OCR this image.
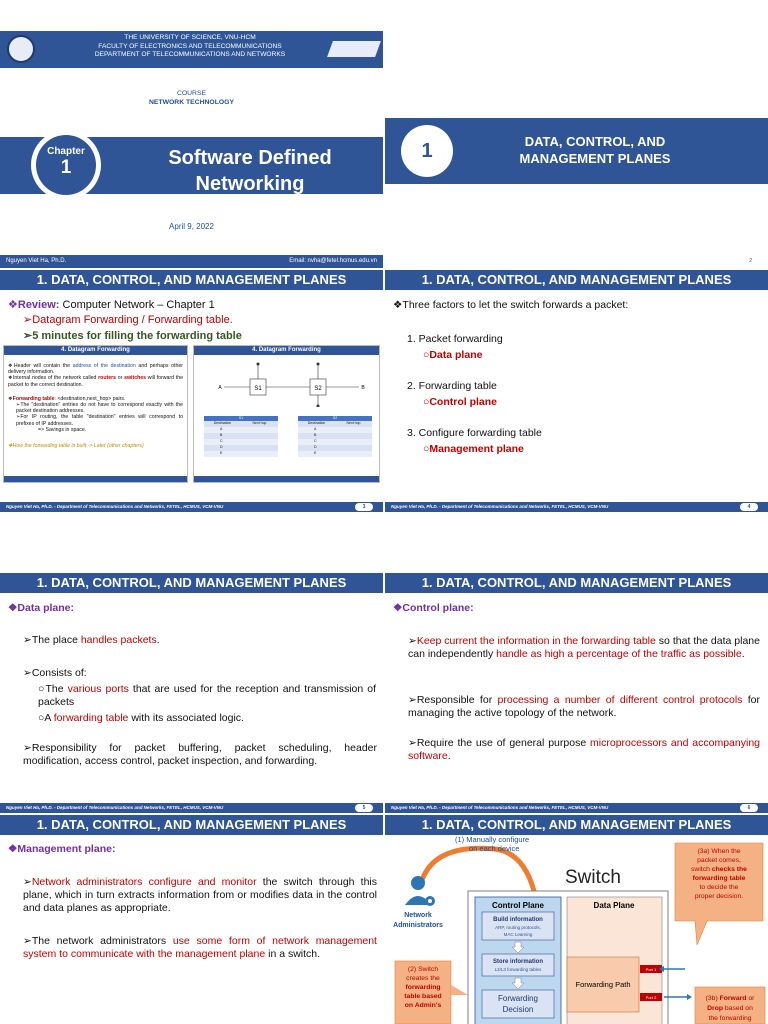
THE UNIVERSITY OF SCIENCE, VNU-HCM
FACULTY OF ELECTRONICS AND TELECOMMUNICATIONS
DEPARTMENT OF TELECOMMUNICATIONS AND NETWORKS
COURSE
NETWORK TECHNOLOGY
Chapter
1	Software Defined
Networking
April 9, 2022
Nguyen Viet Ha, Ph.D.	Email: nvha@fetel.hcmus.edu.vn
1	DATA, CONTROL, AND
MANAGEMENT PLANES
2
1. DATA, CONTROL, AND MANAGEMENT PLANES
❖Review: Computer Network – Chapter 1
➢Datagram Forwarding / Forwarding table.
➢5 minutes for filling the forwarding table
4. Datagram Forwarding
❖Header will contain the address of the destination and perhaps other delivery information.
❖Internal nodes of the network called routers or switches will forward the packet to the correct destination.
❖Forwarding table: <destination,next_hop> pairs.
➢The "destination" entries do not have to correspond exactly with the packet destination addresses.
➢For IP routing, the table "destination" entries will correspond to prefixes of IP addresses.
=> Savings in space.
❖How the forwarding table is built -> Later (other chapters)
4. Datagram Forwarding
S1	S2
A	B
S1
Destination	Next hop
A
B
C
D
E
S2
Destination	Next hop
A
B
C
D
E
Nguyen Viet Ha, Ph.D. - Department of Telecommunications and Networks, FETEL, HCMUS, VCM-VNU	3
1. DATA, CONTROL, AND MANAGEMENT PLANES
❖Three factors to let the switch forwards a packet:
1. Packet forwarding
○Data plane
2. Forwarding table
○Control plane
3. Configure forwarding table
○Management plane
Nguyen Viet Ha, Ph.D. - Department of Telecommunications and Networks, FETEL, HCMUS, VCM-VNU	4
1. DATA, CONTROL, AND MANAGEMENT PLANES
❖Data plane:
➢The place handles packets.
➢Consists of:
○The various ports that are used for the reception and transmission of packets
○A forwarding table with its associated logic.
➢Responsibility for packet buffering, packet scheduling, header modification, access control, packet inspection, and forwarding.
Nguyen Viet Ha, Ph.D. - Department of Telecommunications and Networks, FETEL, HCMUS, VCM-VNU	5
1. DATA, CONTROL, AND MANAGEMENT PLANES
❖Control plane:
➢Keep current the information in the forwarding table so that the data plane can independently handle as high a percentage of the traffic as possible.
➢Responsible for processing a number of different control protocols for managing the active topology of the network.
➢Require the use of general purpose microprocessors and accompanying software.
Nguyen Viet Ha, Ph.D. - Department of Telecommunications and Networks, FETEL, HCMUS, VCM-VNU	6
1. DATA, CONTROL, AND MANAGEMENT PLANES
❖Management plane:
➢Network administrators configure and monitor the switch through this plane, which in turn extracts information from or modifies data in the control and data planes as appropriate.
➢The network administrators use some form of network management system to communicate with the management plane in a switch.
1. DATA, CONTROL, AND MANAGEMENT PLANES
(1) Manually configure
on each device
Network
Administrators
Switch
Control Plane
Build information
ARP, routing protocols,
MAC Learning
Store information
L2/L3 forwarding tables
Forwarding
Decision
Data Plane
Forwarding Path
Port 1
Port 2
(3a) When the
packet comes,
switch checks the
forwarding table
to decide the
proper decision.
(2) Switch
creates the
forwarding
table based
on Admin's
(3b) Forward or
Drop based on
the forwarding
